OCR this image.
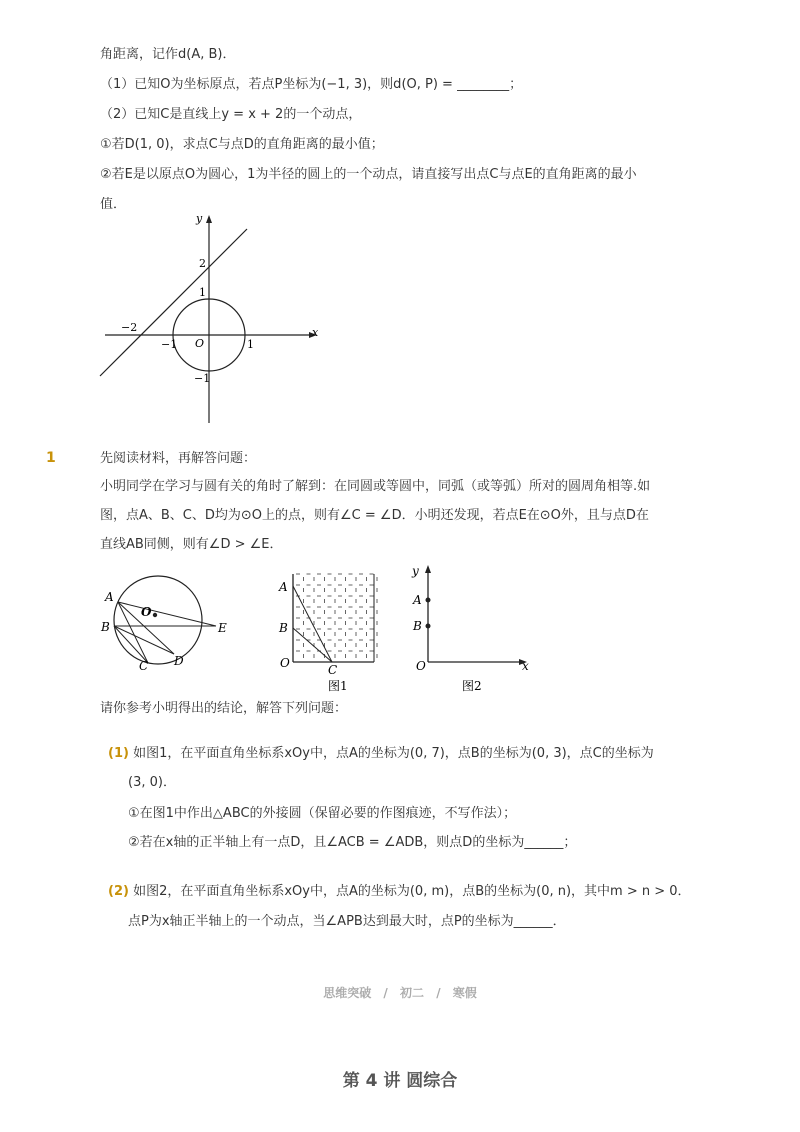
角距离，记作d(A, B)．
（1）已知O为坐标原点，若点P坐标为(−1, 3)，则d(O, P) = ________；
（2）已知C是直线上y = x + 2的一个动点，
①若D(1, 0)，求点C与点D的直角距离的最小值；
②若E是以原点O为圆心，1为半径的圆上的一个动点，请直接写出点C与点E的直角距离的最小
值．
y
x
O
2
1
−1	1
−1
−2
1	先阅读材料，再解答问题：
小明同学在学习与圆有关的角时了解到：在同圆或等圆中，同弧（或等弧）所对的圆周角相等.如
图，点A、B、C、D均为⊙O上的点，则有∠C = ∠D．小明还发现，若点E在⊙O外，且与点D在
直线AB同侧，则有∠D > ∠E．
A
B
C D
E
O
A
B
C
O
图1
y
A
B
O	x
图2
请你参考小明得出的结论，解答下列问题：
(1) 如图1，在平面直角坐标系xOy中，点A的坐标为(0, 7)，点B的坐标为(0, 3)，点C的坐标为
(3, 0)．
①在图1中作出△ABC的外接圆（保留必要的作图痕迹，不写作法）；
②若在x轴的正半轴上有一点D，且∠ACB = ∠ADB，则点D的坐标为______；
(2) 如图2，在平面直角坐标系xOy中，点A的坐标为(0, m)，点B的坐标为(0, n)，其中m > n > 0．
点P为x轴正半轴上的一个动点，当∠APB达到最大时，点P的坐标为______．
思维突破 / 初二 / 寒假
第 4 讲 圆综合
